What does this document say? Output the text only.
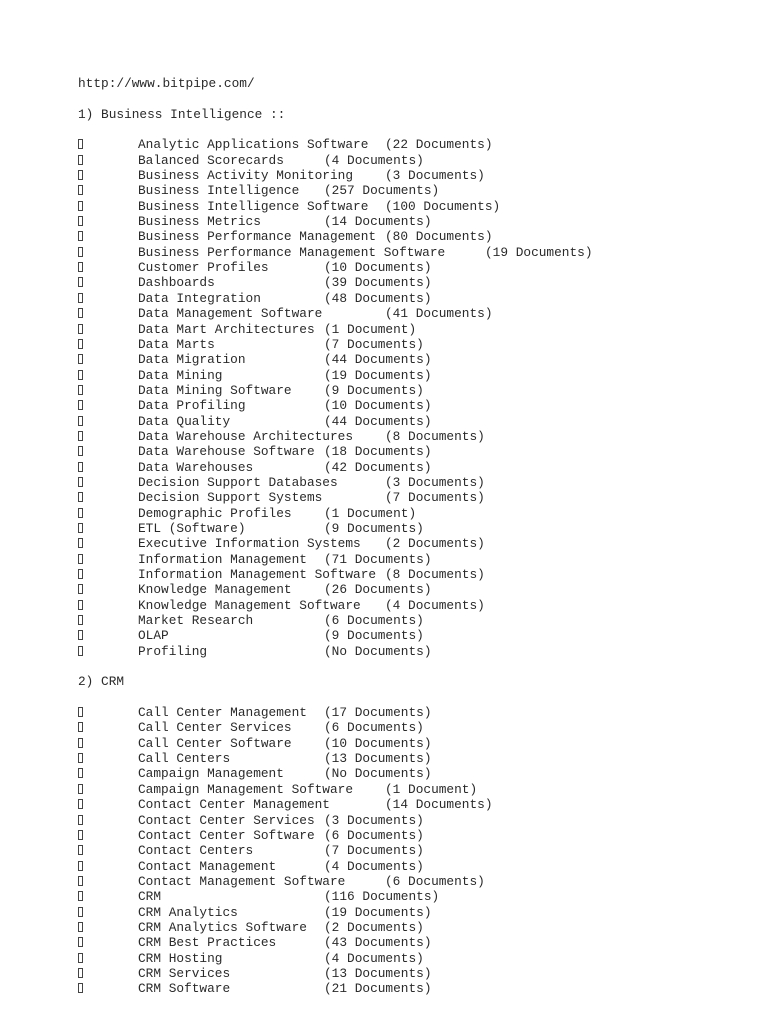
http://www.bitpipe.com/
1) Business Intelligence ::
Analytic Applications Software (22 Documents)
Balanced Scorecards	(4 Documents)
Business Activity Monitoring (3 Documents)
Business Intelligence (257 Documents)
Business Intelligence Software (100 Documents)
Business Metrics	(14 Documents)
Business Performance Management (80 Documents)
Business Performance Management Software	(19 Documents)
Customer Profiles	(10 Documents)
Dashboards	(39 Documents)
Data Integration	(48 Documents)
Data Management Software	(41 Documents)
Data Mart Architectures (1 Document)
Data Marts	(7 Documents)
Data Migration	(44 Documents)
Data Mining	(19 Documents)
Data Mining Software	(9 Documents)
Data Profiling	(10 Documents)
Data Quality	(44 Documents)
Data Warehouse Architectures (8 Documents)
Data Warehouse Software (18 Documents)
Data Warehouses	(42 Documents)
Decision Support Databases	(3 Documents)
Decision Support Systems	(7 Documents)
Demographic Profiles	(1 Document)
ETL (Software)	(9 Documents)
Executive Information Systems (2 Documents)
Information Management (71 Documents)
Information Management Software (8 Documents)
Knowledge Management	(26 Documents)
Knowledge Management Software (4 Documents)
Market Research	(6 Documents)
OLAP	(9 Documents)
Profiling	(No Documents)
2) CRM
Call Center Management (17 Documents)
Call Center Services	(6 Documents)
Call Center Software	(10 Documents)
Call Centers	(13 Documents)
Campaign Management	(No Documents)
Campaign Management Software (1 Document)
Contact Center Management	(14 Documents)
Contact Center Services (3 Documents)
Contact Center Software (6 Documents)
Contact Centers	(7 Documents)
Contact Management	(4 Documents)
Contact Management Software	(6 Documents)
CRM	(116 Documents)
CRM Analytics	(19 Documents)
CRM Analytics Software (2 Documents)
CRM Best Practices	(43 Documents)
CRM Hosting	(4 Documents)
CRM Services	(13 Documents)
CRM Software	(21 Documents)
